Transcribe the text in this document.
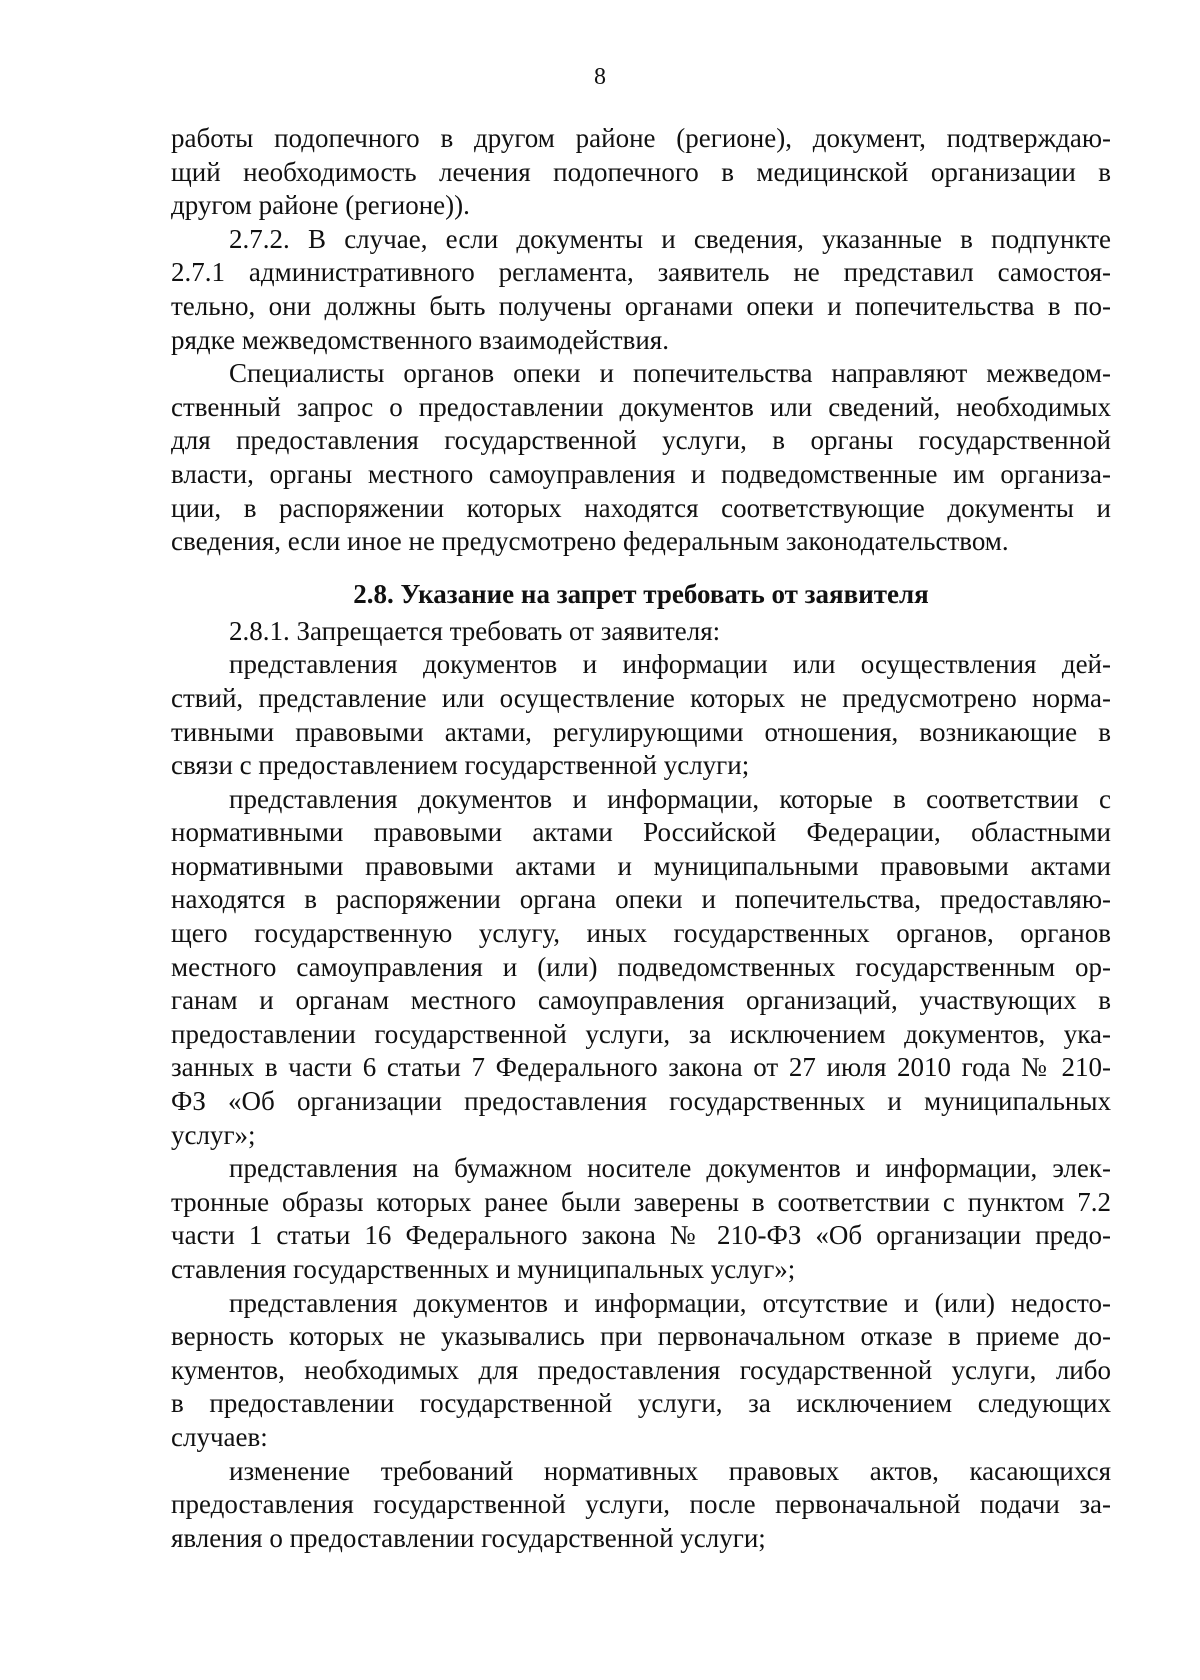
8
работы подопечного в другом районе (регионе), документ, подтверждаю-
щий необходимость лечения подопечного в медицинской организации в
другом районе (регионе)).
2.7.2. В случае, если документы и сведения, указанные в подпункте
2.7.1 административного регламента, заявитель не представил самостоя-
тельно, они должны быть получены органами опеки и попечительства в по-
рядке межведомственного взаимодействия.
Специалисты органов опеки и попечительства направляют межведом-
ственный запрос о предоставлении документов или сведений, необходимых
для предоставления государственной услуги, в органы государственной
власти, органы местного самоуправления и подведомственные им организа-
ции, в распоряжении которых находятся соответствующие документы и
сведения, если иное не предусмотрено федеральным законодательством.
2.8. Указание на запрет требовать от заявителя
2.8.1. Запрещается требовать от заявителя:
представления документов и информации или осуществления дей-
ствий, представление или осуществление которых не предусмотрено норма-
тивными правовыми актами, регулирующими отношения, возникающие в
связи с предоставлением государственной услуги;
представления документов и информации, которые в соответствии с
нормативными правовыми актами Российской Федерации, областными
нормативными правовыми актами и муниципальными правовыми актами
находятся в распоряжении органа опеки и попечительства, предоставляю-
щего государственную услугу, иных государственных органов, органов
местного самоуправления и (или) подведомственных государственным ор-
ганам и органам местного самоуправления организаций, участвующих в
предоставлении государственной услуги, за исключением документов, ука-
занных в части 6 статьи 7 Федерального закона от 27 июля 2010 года № 210-
ФЗ «Об организации предоставления государственных и муниципальных
услуг»;
представления на бумажном носителе документов и информации, элек-
тронные образы которых ранее были заверены в соответствии с пунктом 7.2
части 1 статьи 16 Федерального закона № 210-ФЗ «Об организации предо-
ставления государственных и муниципальных услуг»;
представления документов и информации, отсутствие и (или) недосто-
верность которых не указывались при первоначальном отказе в приеме до-
кументов, необходимых для предоставления государственной услуги, либо
в предоставлении государственной услуги, за исключением следующих
случаев:
изменение требований нормативных правовых актов, касающихся
предоставления государственной услуги, после первоначальной подачи за-
явления о предоставлении государственной услуги;
